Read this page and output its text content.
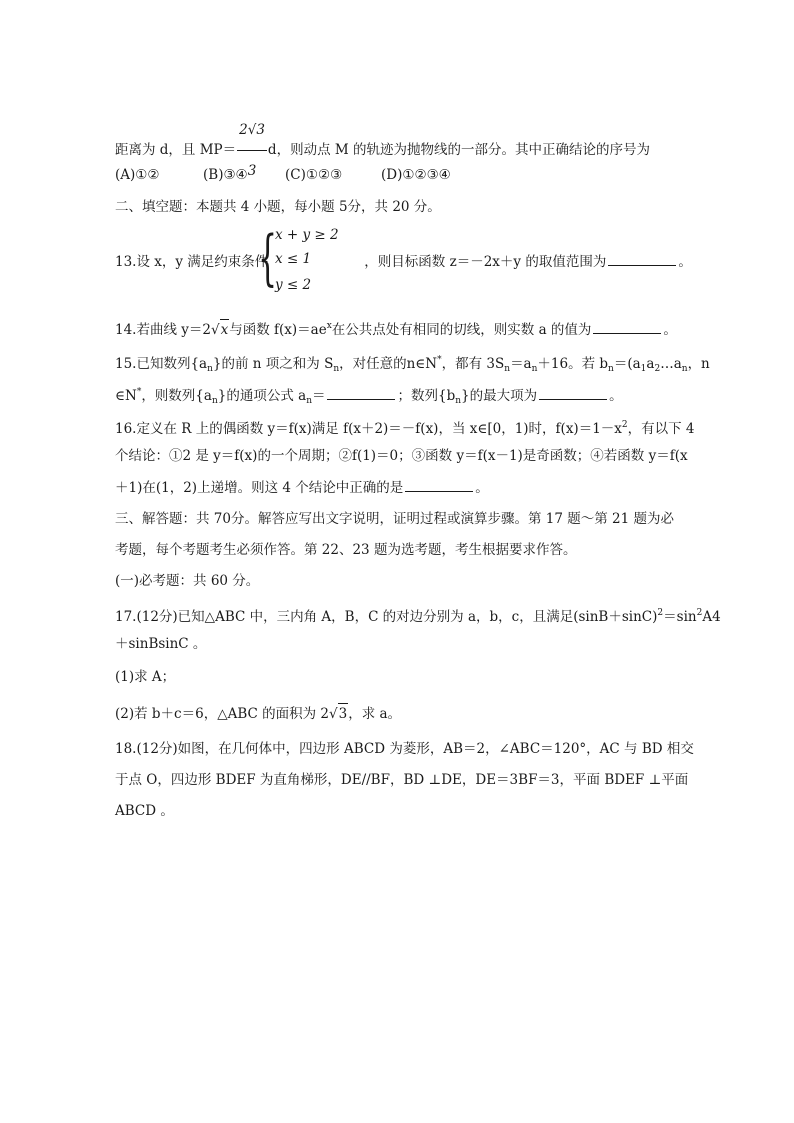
距离为 d，且 $MP= \frac{2√3}{3}$ d，则动点 M 的轨迹为抛物线的一部分。其中正确结论的序号为
(A)①②	(B)③④	(C)①②③	(D)①②③④
二、填空题：本题共 4 小题，每小题 5分，共 20 分。
13.设 x，y 满足约束条件	，则目标函数 z＝－2x＋y 的取值范围为	。
{
x + y ≥ 2
x ≤ 1
y ≤ 2
14.若曲线 y＝2√x与函数 $f(x)=ae^x$在公共点处有相同的切线，则实数 a 的值为	。
15.已知数列$\{a_n\}$的前 n 项之和为 $S_n$，对任意的n∈N*，都有 $3S_n=a_n+16$。若 $b_n=(a_1a_2\dots a_n$，n
∈N*，则数列$\{a_n\}$的通项公式 $a_n=$	；数列$\{b_n\}$的最大项为	。
16.定义在 R 上的偶函数 y＝f(x)满足 f(x＋2)＝－f(x)，当 x∈[0，1)时，$f(x)=1-x^2$，有以下 4
个结论：①2 是 y＝f(x)的一个周期；②f(1)＝0；③函数 y＝f(x－1)是奇函数；④若函数 y＝f(x
＋1)在(1，2)上递增。则这 4 个结论中正确的是	。
三、解答题：共 70分。解答应写出文字说明，证明过程或演算步骤。第 17 题～第 21 题为必
考题，每个考题考生必须作答。第 22、23 题为选考题，考生根据要求作答。
(一)必考题：共 60 分。
17.(12分)已知△ABC 中，三内角 A，B，C 的对边分别为 a，b，c，且满足$(\sin B+\sin C)^2=\sin^2A4$
＋sinBsinC 。
(1)求 A；
(2)若 b＋c＝6，△ABC 的面积为 2√3，求 a。
18.(12分)如图，在几何体中，四边形 ABCD 为菱形，AB＝2，∠ABC＝120°，AC 与 BD 相交
于点 O，四边形 BDEF 为直角梯形，DE//BF，BD ⊥DE，DE＝3BF＝3，平面 BDEF ⊥平面
ABCD 。
